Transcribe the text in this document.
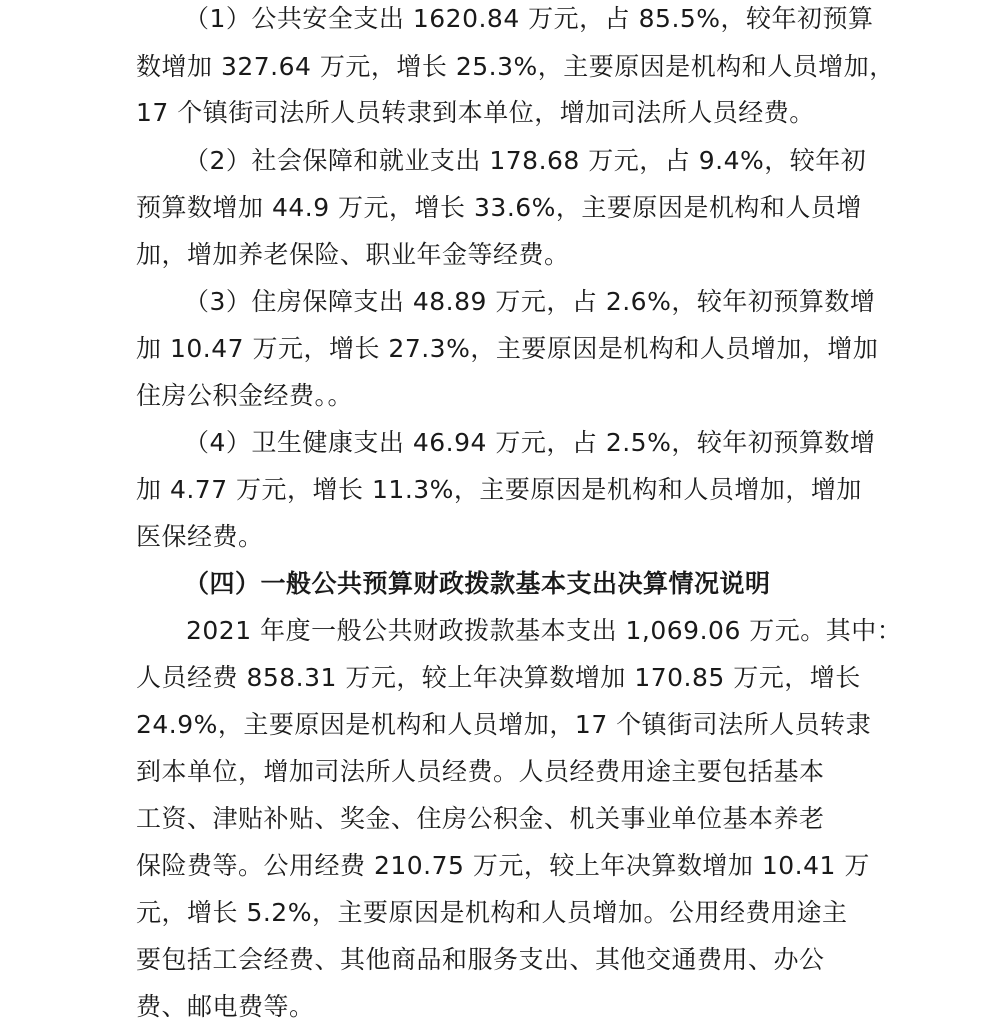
（1）公共安全支出 1620.84 万元，占 85.5%，较年初预算
数增加 327.64 万元，增长 25.3%，主要原因是机构和人员增加，
17 个镇街司法所人员转隶到本单位，增加司法所人员经费。
（2）社会保障和就业支出 178.68 万元，占 9.4%，较年初
预算数增加 44.9 万元，增长 33.6%，主要原因是机构和人员增
加，增加养老保险、职业年金等经费。
（3）住房保障支出 48.89 万元，占 2.6%，较年初预算数增
加 10.47 万元，增长 27.3%，主要原因是机构和人员增加，增加
住房公积金经费。。
（4）卫生健康支出 46.94 万元，占 2.5%，较年初预算数增
加 4.77 万元，增长 11.3%，主要原因是机构和人员增加，增加
医保经费。
（四）一般公共预算财政拨款基本支出决算情况说明
2021 年度一般公共财政拨款基本支出 1,069.06 万元。其中：
人员经费 858.31 万元，较上年决算数增加 170.85 万元，增长
24.9%，主要原因是机构和人员增加，17 个镇街司法所人员转隶
到本单位，增加司法所人员经费。人员经费用途主要包括基本
工资、津贴补贴、奖金、住房公积金、机关事业单位基本养老
保险费等。公用经费 210.75 万元，较上年决算数增加 10.41 万
元，增长 5.2%，主要原因是机构和人员增加。公用经费用途主
要包括工会经费、其他商品和服务支出、其他交通费用、办公
费、邮电费等。
